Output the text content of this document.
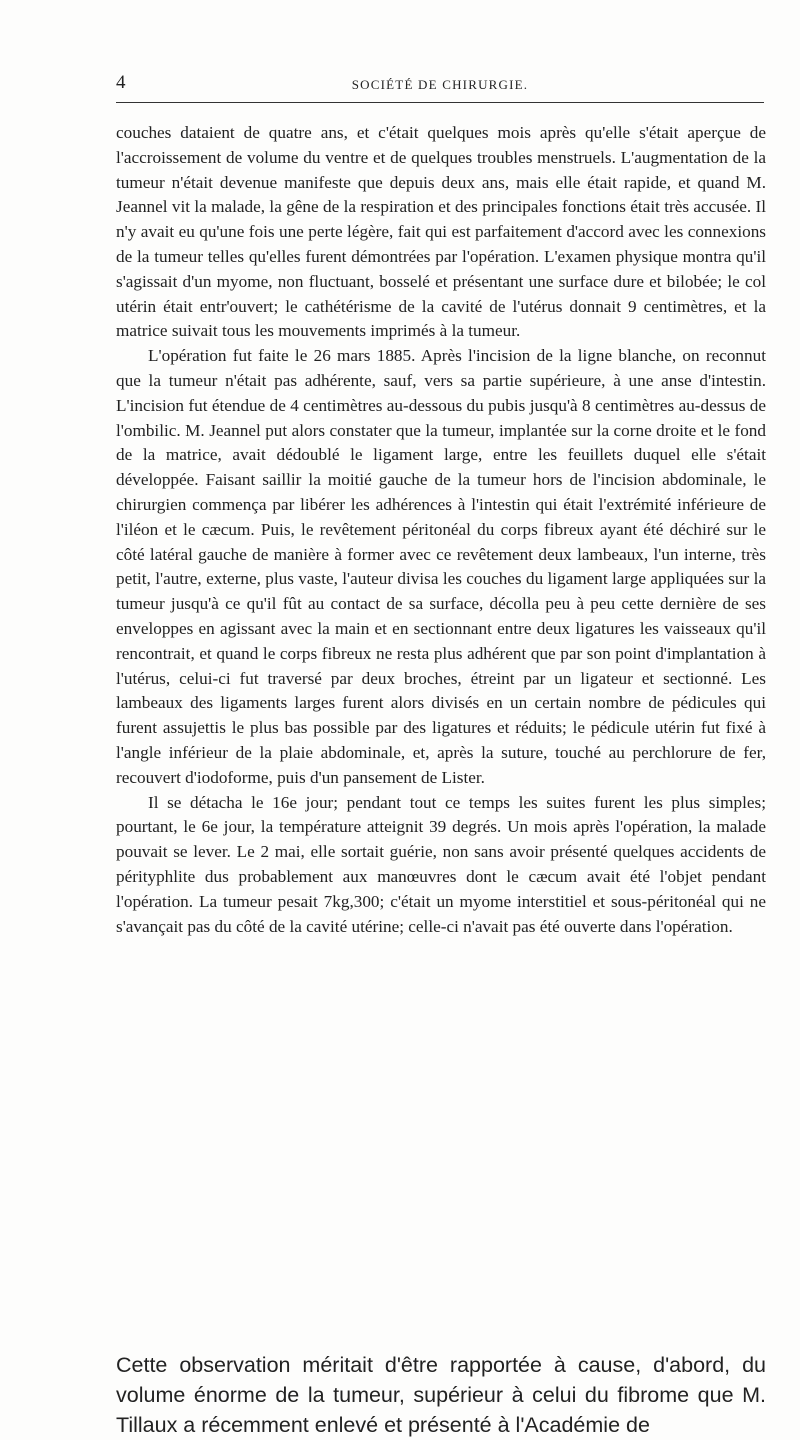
4	SOCIÉTÉ DE CHIRURGIE.

couches dataient de quatre ans, et c'était quelques mois après qu'elle s'était aperçue de l'accroissement de volume du ventre et de quelques troubles menstruels. L'augmentation de la tumeur n'était devenue manifeste que depuis deux ans, mais elle était rapide, et quand M. Jeannel vit la malade, la gêne de la respiration et des principales fonctions était très accusée. Il n'y avait eu qu'une fois une perte légère, fait qui est parfaitement d'accord avec les connexions de la tumeur telles qu'elles furent démontrées par l'opération. L'examen physique montra qu'il s'agissait d'un myome, non fluctuant, bosselé et présentant une surface dure et bilobée; le col utérin était entr'ouvert; le cathétérisme de la cavité de l'utérus donnait 9 centimètres, et la matrice suivait tous les mouvements imprimés à la tumeur.

L'opération fut faite le 26 mars 1885. Après l'incision de la ligne blanche, on reconnut que la tumeur n'était pas adhérente, sauf, vers sa partie supérieure, à une anse d'intestin. L'incision fut étendue de 4 centimètres au-dessous du pubis jusqu'à 8 centimètres au-dessus de l'ombilic. M. Jeannel put alors constater que la tumeur, implantée sur la corne droite et le fond de la matrice, avait dédoublé le ligament large, entre les feuillets duquel elle s'était développée. Faisant saillir la moitié gauche de la tumeur hors de l'incision abdominale, le chirurgien commença par libérer les adhérences à l'intestin qui était l'extrémité inférieure de l'iléon et le cæcum. Puis, le revêtement péritonéal du corps fibreux ayant été déchiré sur le côté latéral gauche de manière à former avec ce revêtement deux lambeaux, l'un interne, très petit, l'autre, externe, plus vaste, l'auteur divisa les couches du ligament large appliquées sur la tumeur jusqu'à ce qu'il fût au contact de sa surface, décolla peu à peu cette dernière de ses enveloppes en agissant avec la main et en sectionnant entre deux ligatures les vaisseaux qu'il rencontrait, et quand le corps fibreux ne resta plus adhérent que par son point d'implantation à l'utérus, celui-ci fut traversé par deux broches, étreint par un ligateur et sectionné. Les lambeaux des ligaments larges furent alors divisés en un certain nombre de pédicules qui furent assujettis le plus bas possible par des ligatures et réduits; le pédicule utérin fut fixé à l'angle inférieur de la plaie abdominale, et, après la suture, touché au perchlorure de fer, recouvert d'iodoforme, puis d'un pansement de Lister.

Il se détacha le 16e jour; pendant tout ce temps les suites furent les plus simples; pourtant, le 6e jour, la température atteignit 39 degrés. Un mois après l'opération, la malade pouvait se lever. Le 2 mai, elle sortait guérie, non sans avoir présenté quelques accidents de pérityphlite dus probablement aux manœuvres dont le cæcum avait été l'objet pendant l'opération. La tumeur pesait 7kg,300; c'était un myome interstitiel et sous-péritonéal qui ne s'avançait pas du côté de la cavité utérine; celle-ci n'avait pas été ouverte dans l'opération.

Cette observation méritait d'être rapportée à cause, d'abord, du volume énorme de la tumeur, supérieur à celui du fibrome que M. Tillaux a récemment enlevé et présenté à l'Académie de
